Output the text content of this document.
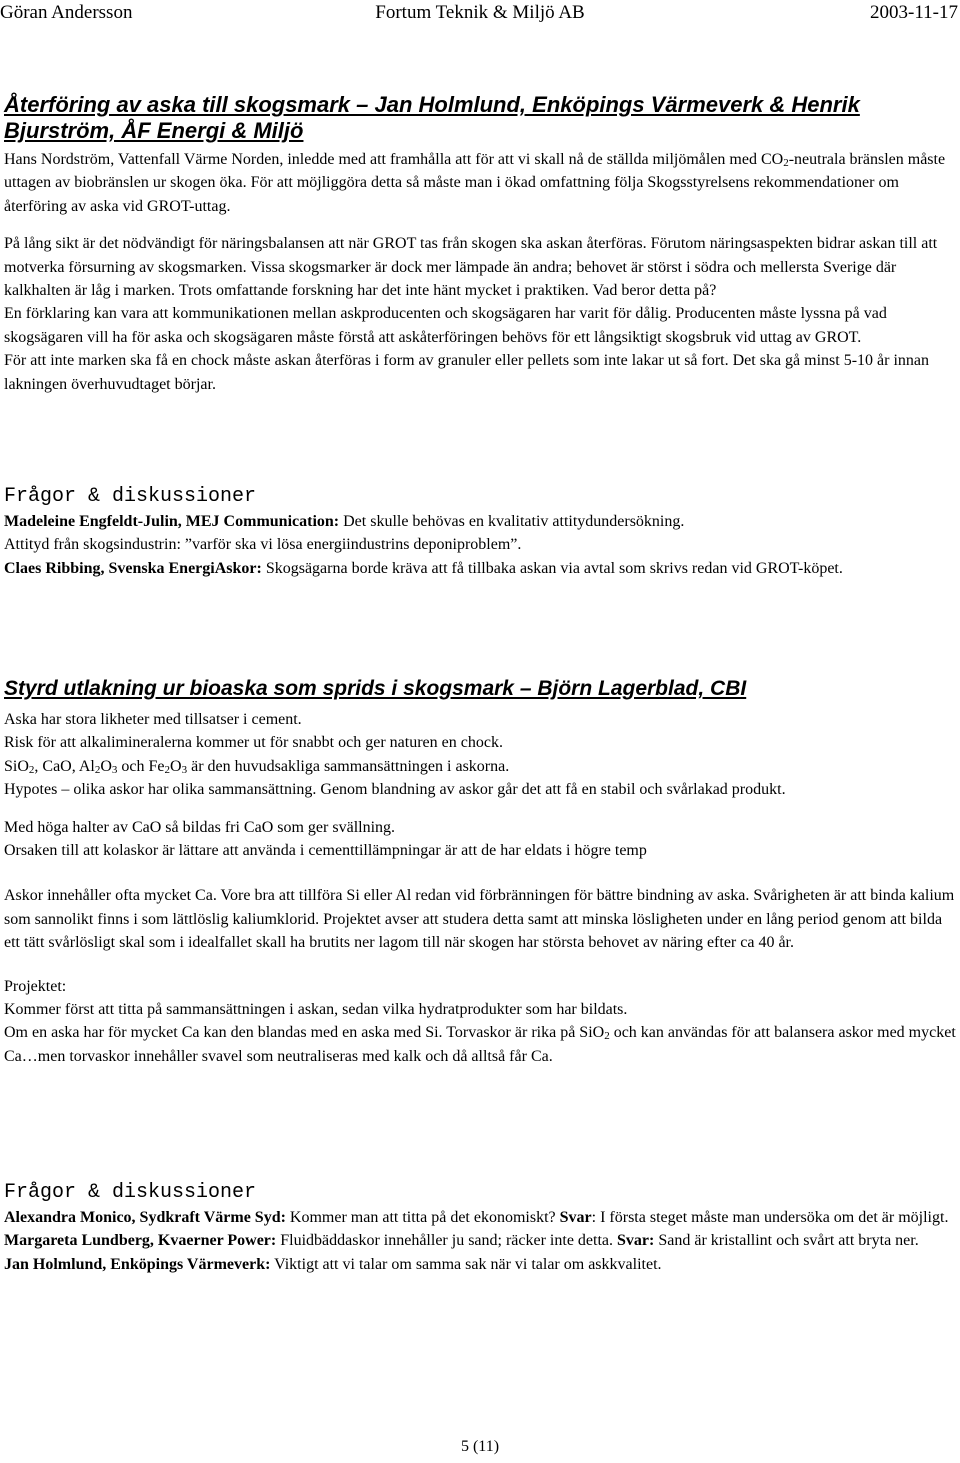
Göran Andersson	Fortum Teknik & Miljö AB	2003-11-17
Återföring av aska till skogsmark – Jan Holmlund, Enköpings Värmeverk & Henrik Bjurström, ÅF Energi & Miljö

Hans Nordström, Vattenfall Värme Norden, inledde med att framhålla att för att vi skall nå de ställda miljömålen med $CO_2$-neutrala bränslen måste uttagen av biobränslen ur skogen öka. För att möjliggöra detta så måste man i ökad omfattning följa Skogsstyrelsens rekommendationer om återföring av aska vid GROT-uttag.

På lång sikt är det nödvändigt för näringsbalansen att när GROT tas från skogen ska askan återföras. Förutom näringsaspekten bidrar askan till att motverka försurning av skogsmarken. Vissa skogsmarker är dock mer lämpade än andra; behovet är störst i södra och mellersta Sverige där kalkhalten är låg i marken. Trots omfattande forskning har det inte hänt mycket i praktiken. Vad beror detta på?

En förklaring kan vara att kommunikationen mellan askproducenten och skogsägaren har varit för dålig. Producenten måste lyssna på vad skogsägaren vill ha för aska och skogsägaren måste förstå att askåterföringen behövs för ett långsiktigt skogsbruk vid uttag av GROT.

För att inte marken ska få en chock måste askan återföras i form av granuler eller pellets som inte lakar ut så fort. Det ska gå minst 5-10 år innan lakningen överhuvudtaget börjar.

Frågor & diskussioner

Madeleine Engfeldt-Julin, MEJ Communication: Det skulle behövas en kvalitativ attitydundersökning.

Attityd från skogsindustrin: ”varför ska vi lösa energiindustrins deponiproblem”.

Claes Ribbing, Svenska EnergiAskor: Skogsägarna borde kräva att få tillbaka askan via avtal som skrivs redan vid GROT-köpet.

Styrd utlakning ur bioaska som sprids i skogsmark – Björn Lagerblad, CBI

Aska har stora likheter med tillsatser i cement.

Risk för att alkalimineralerna kommer ut för snabbt och ger naturen en chock.

SiO$_2$, CaO, $Al_2O_3$ och $Fe_2O_3$ är den huvudsakliga sammansättningen i askorna.

Hypotes – olika askor har olika sammansättning. Genom blandning av askor går det att få en stabil och svårlakad produkt.

Med höga halter av CaO så bildas fri CaO som ger svällning.

Orsaken till att kolaskor är lättare att använda i cementtillämpningar är att de har eldats i högre temp

Askor innehåller ofta mycket Ca. Vore bra att tillföra Si eller Al redan vid förbränningen för bättre bindning av aska. Svårigheten är att binda kalium som sannolikt finns i som lättlöslig kaliumklorid. Projektet avser att studera detta samt att minska lösligheten under en lång period genom att bilda ett tätt svårlösligt skal som i idealfallet skall ha brutits ner lagom till när skogen har största behovet av näring efter ca 40 år.

Projektet:

Kommer först att titta på sammansättningen i askan, sedan vilka hydratprodukter som har bildats.

Om en aska har för mycket Ca kan den blandas med en aska med Si. Torvaskor är rika på SiO$_2$ och kan användas för att balansera askor med mycket Ca…men torvaskor innehåller svavel som neutraliseras med kalk och då alltså får Ca.

Frågor & diskussioner

Alexandra Monico, Sydkraft Värme Syd: Kommer man att titta på det ekonomiskt? Svar: I första steget måste man undersöka om det är möjligt.

Margareta Lundberg, Kvaerner Power: Fluidbäddaskor innehåller ju sand; räcker inte detta. Svar: Sand är kristallint och svårt att bryta ner.

Jan Holmlund, Enköpings Värmeverk: Viktigt att vi talar om samma sak när vi talar om askkvalitet.

5 (11)
